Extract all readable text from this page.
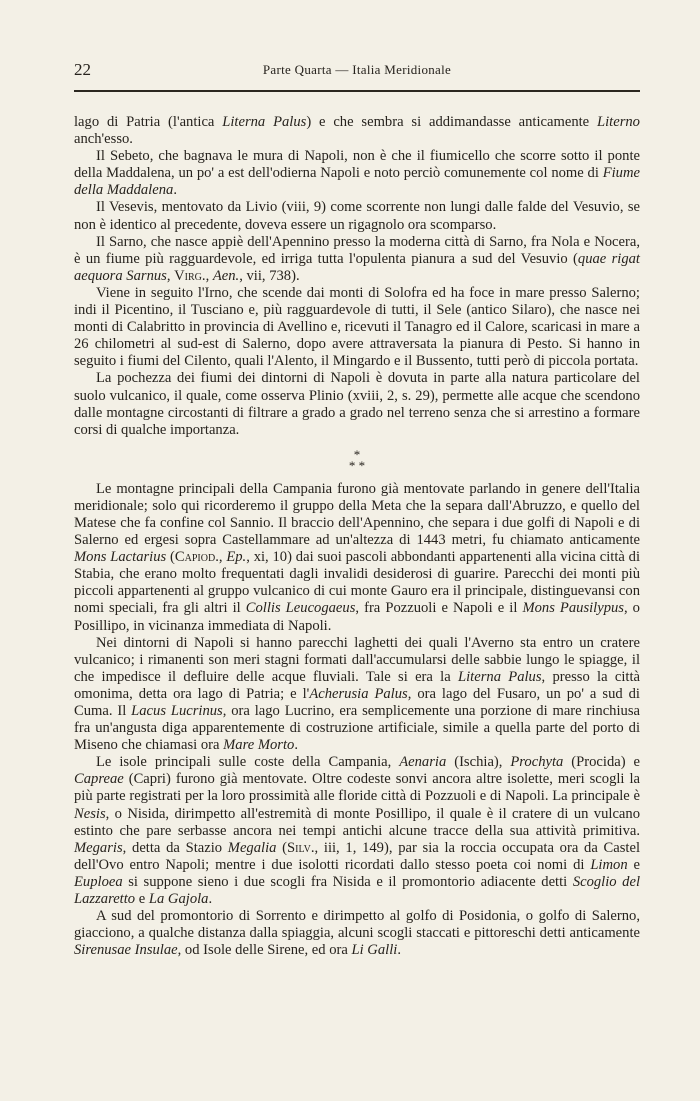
22	Parte Quarta — Italia Meridionale

lago di Patria (l'antica Literna Palus) e che sembra si addimandasse anticamente Literno anch'esso.

Il Sebeto, che bagnava le mura di Napoli, non è che il fiumicello che scorre sotto il ponte della Maddalena, un po' a est dell'odierna Napoli e noto perciò comunemente col nome di Fiume della Maddalena.

Il Vesevis, mentovato da Livio (viii, 9) come scorrente non lungi dalle falde del Vesuvio, se non è identico al precedente, doveva essere un rigagnolo ora scomparso.

Il Sarno, che nasce appiè dell'Apennino presso la moderna città di Sarno, fra Nola e Nocera, è un fiume più ragguardevole, ed irriga tutta l'opulenta pianura a sud del Vesuvio (quae rigat aequora Sarnus, Virg., Aen., vii, 738).

Viene in seguito l'Irno, che scende dai monti di Solofra ed ha foce in mare presso Salerno; indi il Picentino, il Tusciano e, più ragguardevole di tutti, il Sele (antico Silaro), che nasce nei monti di Calabritto in provincia di Avellino e, ricevuti il Tanagro ed il Calore, scaricasi in mare a 26 chilometri al sud-est di Salerno, dopo avere attraversata la pianura di Pesto. Si hanno in seguito i fiumi del Cilento, quali l'Alento, il Mingardo e il Bussento, tutti però di piccola portata.

La pochezza dei fiumi dei dintorni di Napoli è dovuta in parte alla natura particolare del suolo vulcanico, il quale, come osserva Plinio (xviii, 2, s. 29), permette alle acque che scendono dalle montagne circostanti di filtrare a grado a grado nel terreno senza che si arrestino a formare corsi di qualche importanza.

*
* *

Le montagne principali della Campania furono già mentovate parlando in genere dell'Italia meridionale; solo qui ricorderemo il gruppo della Meta che la separa dall'Abruzzo, e quello del Matese che fa confine col Sannio. Il braccio dell'Apennino, che separa i due golfi di Napoli e di Salerno ed ergesi sopra Castellammare ad un'altezza di 1443 metri, fu chiamato anticamente Mons Lactarius (Capiod., Ep., xi, 10) dai suoi pascoli abbondanti appartenenti alla vicina città di Stabia, che erano molto frequentati dagli invalidi desiderosi di guarire. Parecchi dei monti più piccoli appartenenti al gruppo vulcanico di cui monte Gauro era il principale, distinguevansi con nomi speciali, fra gli altri il Collis Leucogaeus, fra Pozzuoli e Napoli e il Mons Pausilypus, o Posillipo, in vicinanza immediata di Napoli.

Nei dintorni di Napoli si hanno parecchi laghetti dei quali l'Averno sta entro un cratere vulcanico; i rimanenti son meri stagni formati dall'accumularsi delle sabbie lungo le spiagge, il che impedisce il defluire delle acque fluviali. Tale si era la Literna Palus, presso la città omonima, detta ora lago di Patria; e l'Acherusia Palus, ora lago del Fusaro, un po' a sud di Cuma. Il Lacus Lucrinus, ora lago Lucrino, era semplicemente una porzione di mare rinchiusa fra un'angusta diga apparentemente di costruzione artificiale, simile a quella parte del porto di Miseno che chiamasi ora Mare Morto.

Le isole principali sulle coste della Campania, Aenaria (Ischia), Prochyta (Procida) e Capreae (Capri) furono già mentovate. Oltre codeste sonvi ancora altre isolette, meri scogli la più parte registrati per la loro prossimità alle floride città di Pozzuoli e di Napoli. La principale è Nesis, o Nisida, dirimpetto all'estremità di monte Posillipo, il quale è il cratere di un vulcano estinto che pare serbasse ancora nei tempi antichi alcune tracce della sua attività primitiva. Megaris, detta da Stazio Megalia (Silv., iii, 1, 149), par sia la roccia occupata ora da Castel dell'Ovo entro Napoli; mentre i due isolotti ricordati dallo stesso poeta coi nomi di Limon e Euploea si suppone sieno i due scogli fra Nisida e il promontorio adiacente detti Scoglio del Lazzaretto e La Gajola.

A sud del promontorio di Sorrento e dirimpetto al golfo di Posidonia, o golfo di Salerno, giacciono, a qualche distanza dalla spiaggia, alcuni scogli staccati e pittoreschi detti anticamente Sirenusae Insulae, od Isole delle Sirene, ed ora Li Galli.
